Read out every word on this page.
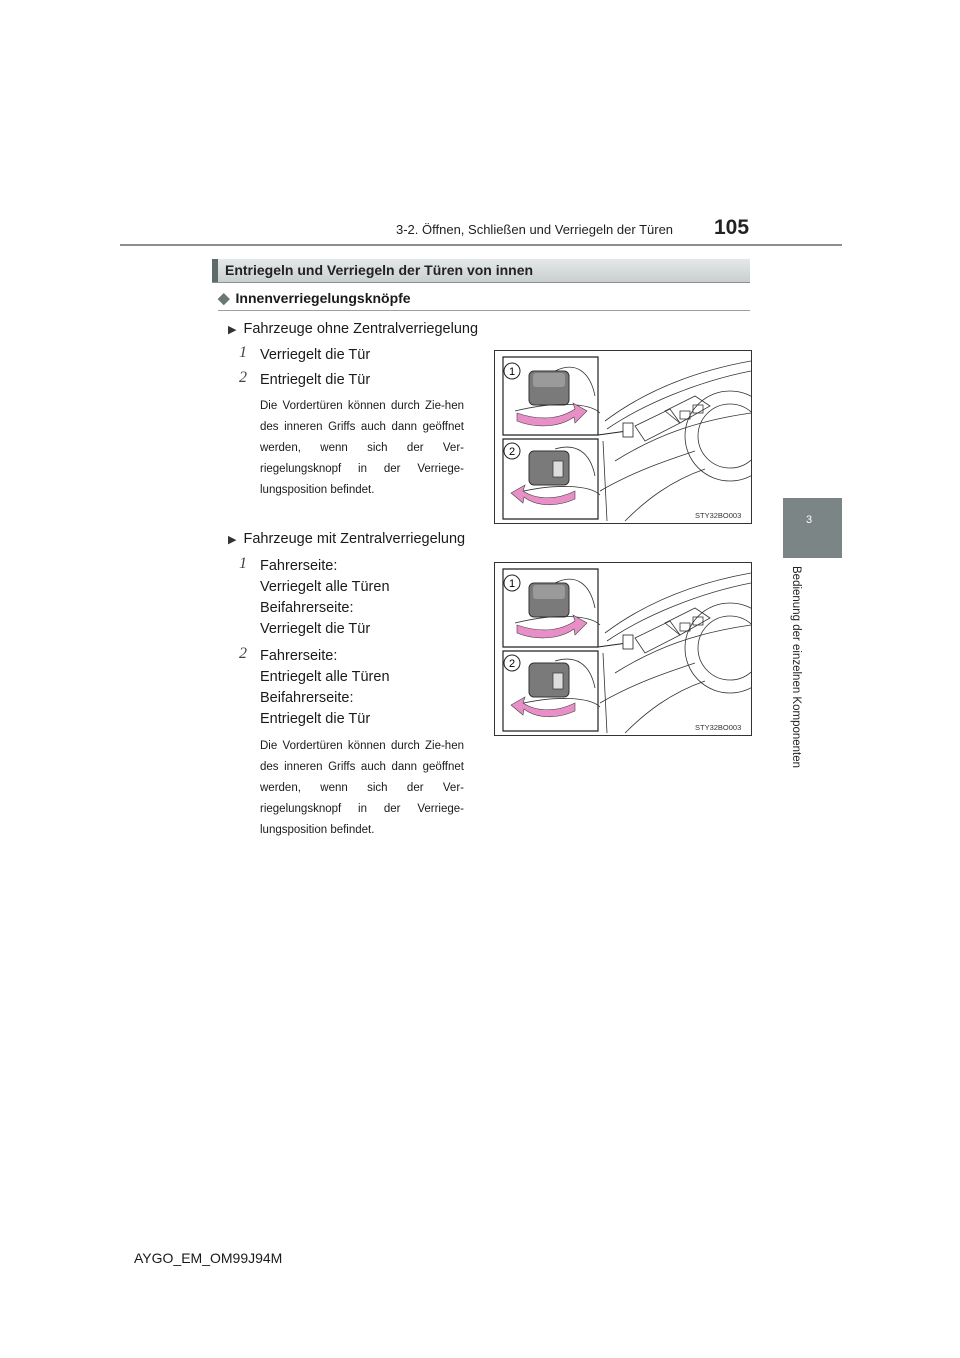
3-2. Öffnen, Schließen und Verriegeln der Türen 105
3
Bedienung der einzelnen Komponenten
Entriegeln und Verriegeln der Türen von innen
◆ Innenverriegelungsknöpfe
▶ Fahrzeuge ohne Zentralverriegelung
1 Verriegelt die Tür
2 Entriegelt die Tür
Die Vordertüren können durch Zie-hen des inneren Griffs auch dann geöffnet werden, wenn sich der Ver-riegelungsknopf in der Verriege-lungsposition befindet.
1
2
STY32BO003
▶ Fahrzeuge mit Zentralverriegelung
1 Fahrerseite:
Verriegelt alle Türen
Beifahrerseite:
Verriegelt die Tür
2 Fahrerseite:
Entriegelt alle Türen
Beifahrerseite:
Entriegelt die Tür
Die Vordertüren können durch Zie-hen des inneren Griffs auch dann geöffnet werden, wenn sich der Ver-riegelungsknopf in der Verriege-lungsposition befindet.
1
2
STY32BO003
AYGO_EM_OM99J94M
